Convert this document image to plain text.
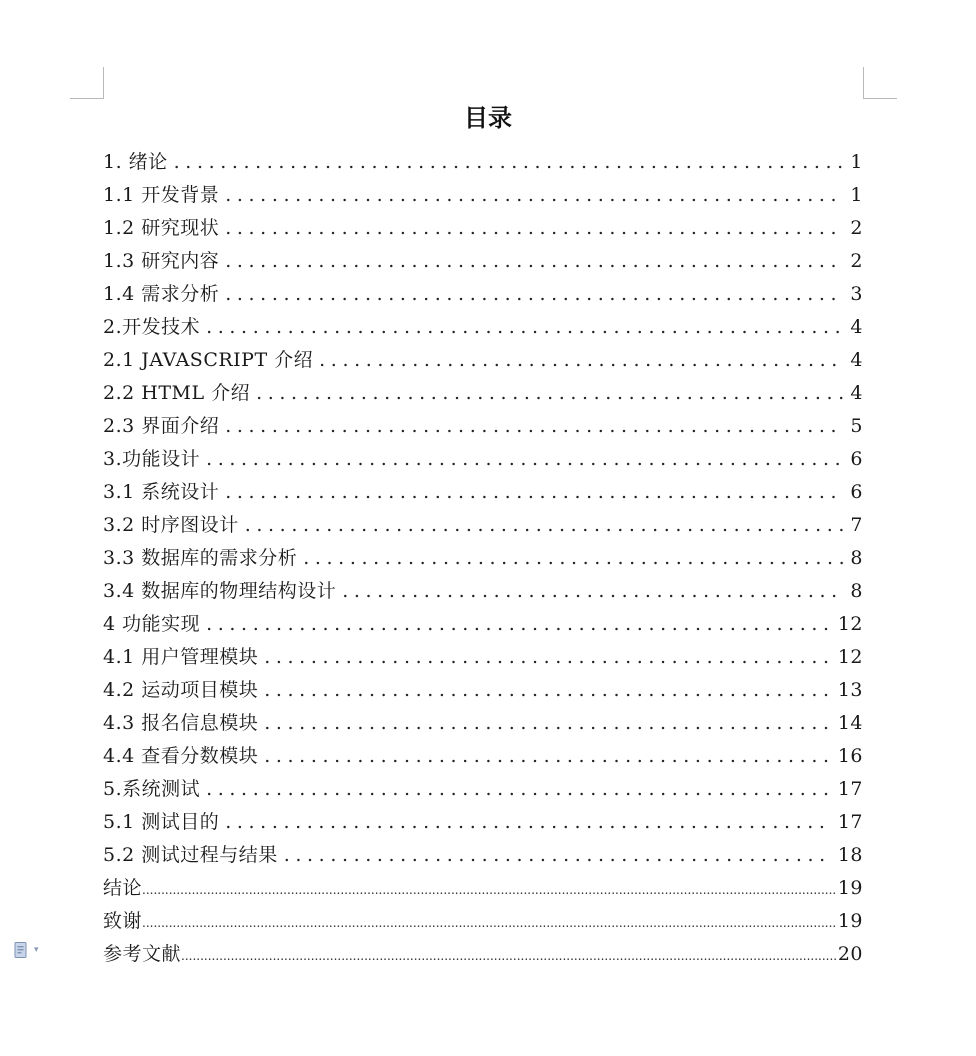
目录
1. 绪论 .....	1
1.1 开发背景 .....	1
1.2 研究现状 .....	2
1.3 研究内容 .....	2
1.4 需求分析 .....	3
2.开发技术 .....	4
2.1 JAVASCRIPT 介绍 .....	4
2.2 HTML 介绍 .....	4
2.3 界面介绍 .....	5
3.功能设计 .....	6
3.1 系统设计 .....	6
3.2 时序图设计 .....	7
3.3 数据库的需求分析 .....	8
3.4 数据库的物理结构设计 .....	8
4 功能实现 .....	12
4.1 用户管理模块 .....	12
4.2 运动项目模块 .....	13
4.3 报名信息模块 .....	14
4.4 查看分数模块 .....	16
5.系统测试 .....	17
5.1 测试目的 .....	17
5.2 测试过程与结果 .....	18
结论 .....	19
致谢 .....	19
参考文献 .....	20
▾
